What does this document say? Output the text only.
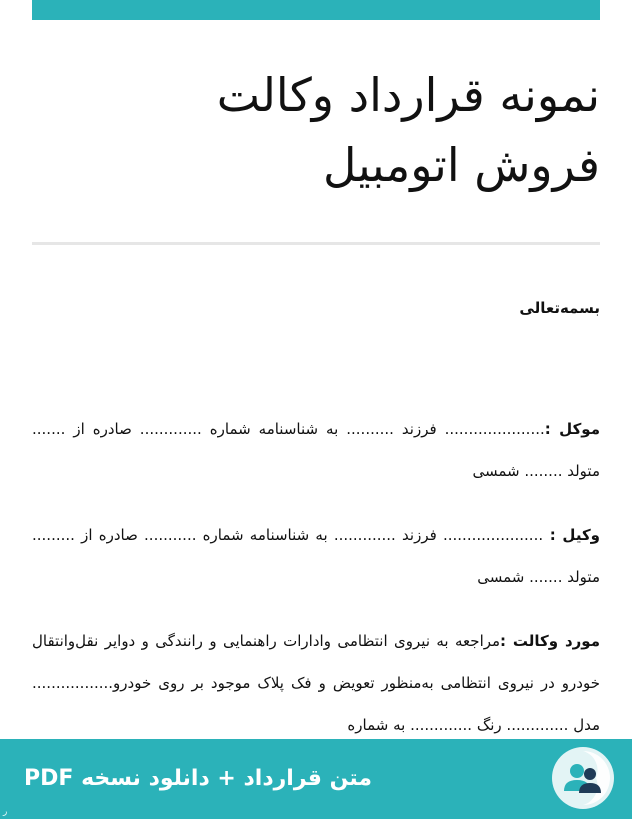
نمونه قرارداد وکالت
فروش اتومبیل

بسمه‌تعالی

موکل :..................... فرزند .......... به شناسنامه شماره ............. صادره از ....... متولد ........ شمسی

وکیل : ..................... فرزند ............. به شناسنامه شماره ........... صادره از ......... متولد ....... شمسی

مورد وکالت :مراجعه به نیروی انتظامی وادارات راهنمایی و رانندگی و دوایر نقل‌وانتقال خودرو در نیروی انتظامی به‌منظور تعویض و فک پلاک موجود بر روی خودرو................. مدل ............. رنگ ............. به شماره

متن قرارداد + دانلود نسخه PDF
ر
